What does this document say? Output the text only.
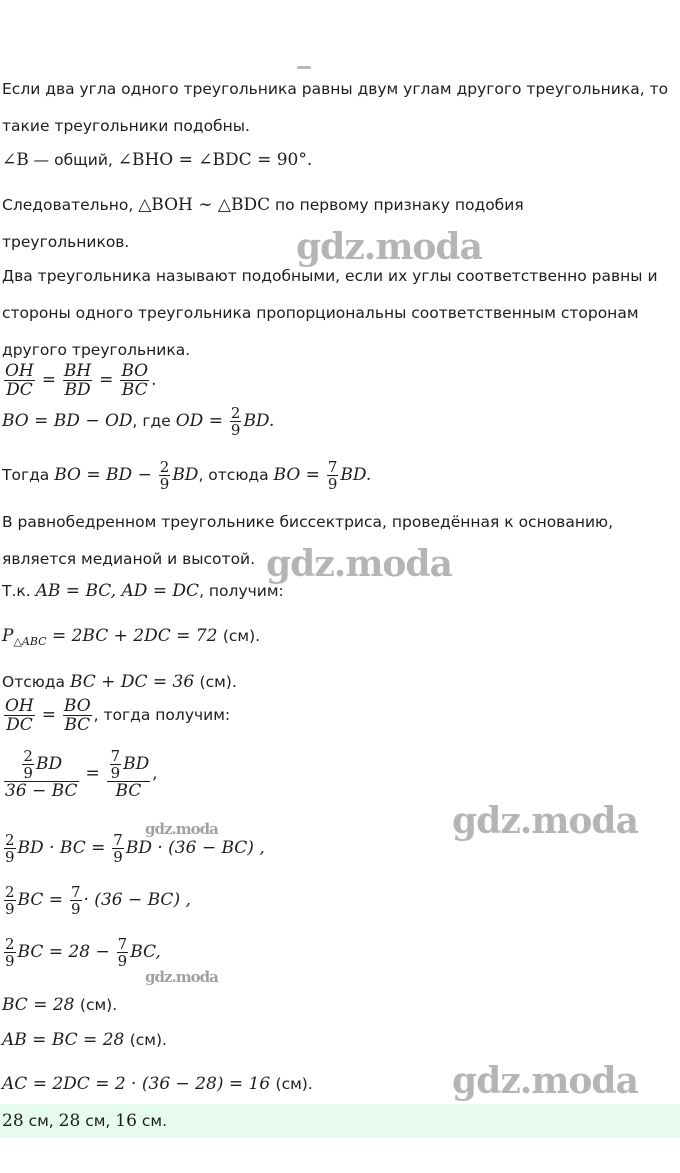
gdz.moda
gdz.moda
gdz.moda
gdz.moda
gdz.moda
gdz.moda
Если два угла одного треугольника равны двум углам другого треугольника, то
такие треугольники подобны.
∠B — общий, ∠BHO = ∠BDC = 90°.
Следовательно, △BOH ∼ △BDC по первому признаку подобия
треугольников.
Два треугольника называют подобными, если их углы соответственно равны и
стороны одного треугольника пропорциональны соответственным сторонам
другого треугольника.
$\frac{OH}{DC} = \frac{BH}{BD} = \frac{BO}{BC}$ .
BO = BD − OD, где OD = $\frac{2}{9}$ BD.
Тогда BO = BD − $\frac{2}{9}$ BD, отсюда BO = $\frac{7}{9}$ BD.
В равнобедренном треугольнике биссектриса, проведённая к основанию,
является медианой и высотой.
Т.к. AB = BC, AD = DC, получим:
$P_{\triangle ABC} = 2BC + 2DC = 72$ (см).
Отсюда BC + DC = 36 (см).
$\frac{OH}{DC} = \frac{BO}{BC}$ , тогда получим:
$\frac{\frac{2}{9} BD}{36 - BC} = \frac{\frac{7}{9} BD}{BC}$ ,
$\frac{2}{9}$ BD · BC = $\frac{7}{9}$ BD · (36 − BC) ,
$\frac{2}{9}$ BC = $\frac{7}{9} \cdot (36 - BC)$ ,
$\frac{2}{9}$ BC = $28 - \frac{7}{9}$ BC,
BC = 28 (см).
AB = BC = 28 (см).
AC = 2DC = 2 · (36 − 28) = 16 (см).
28 см, 28 см, 16 см.
